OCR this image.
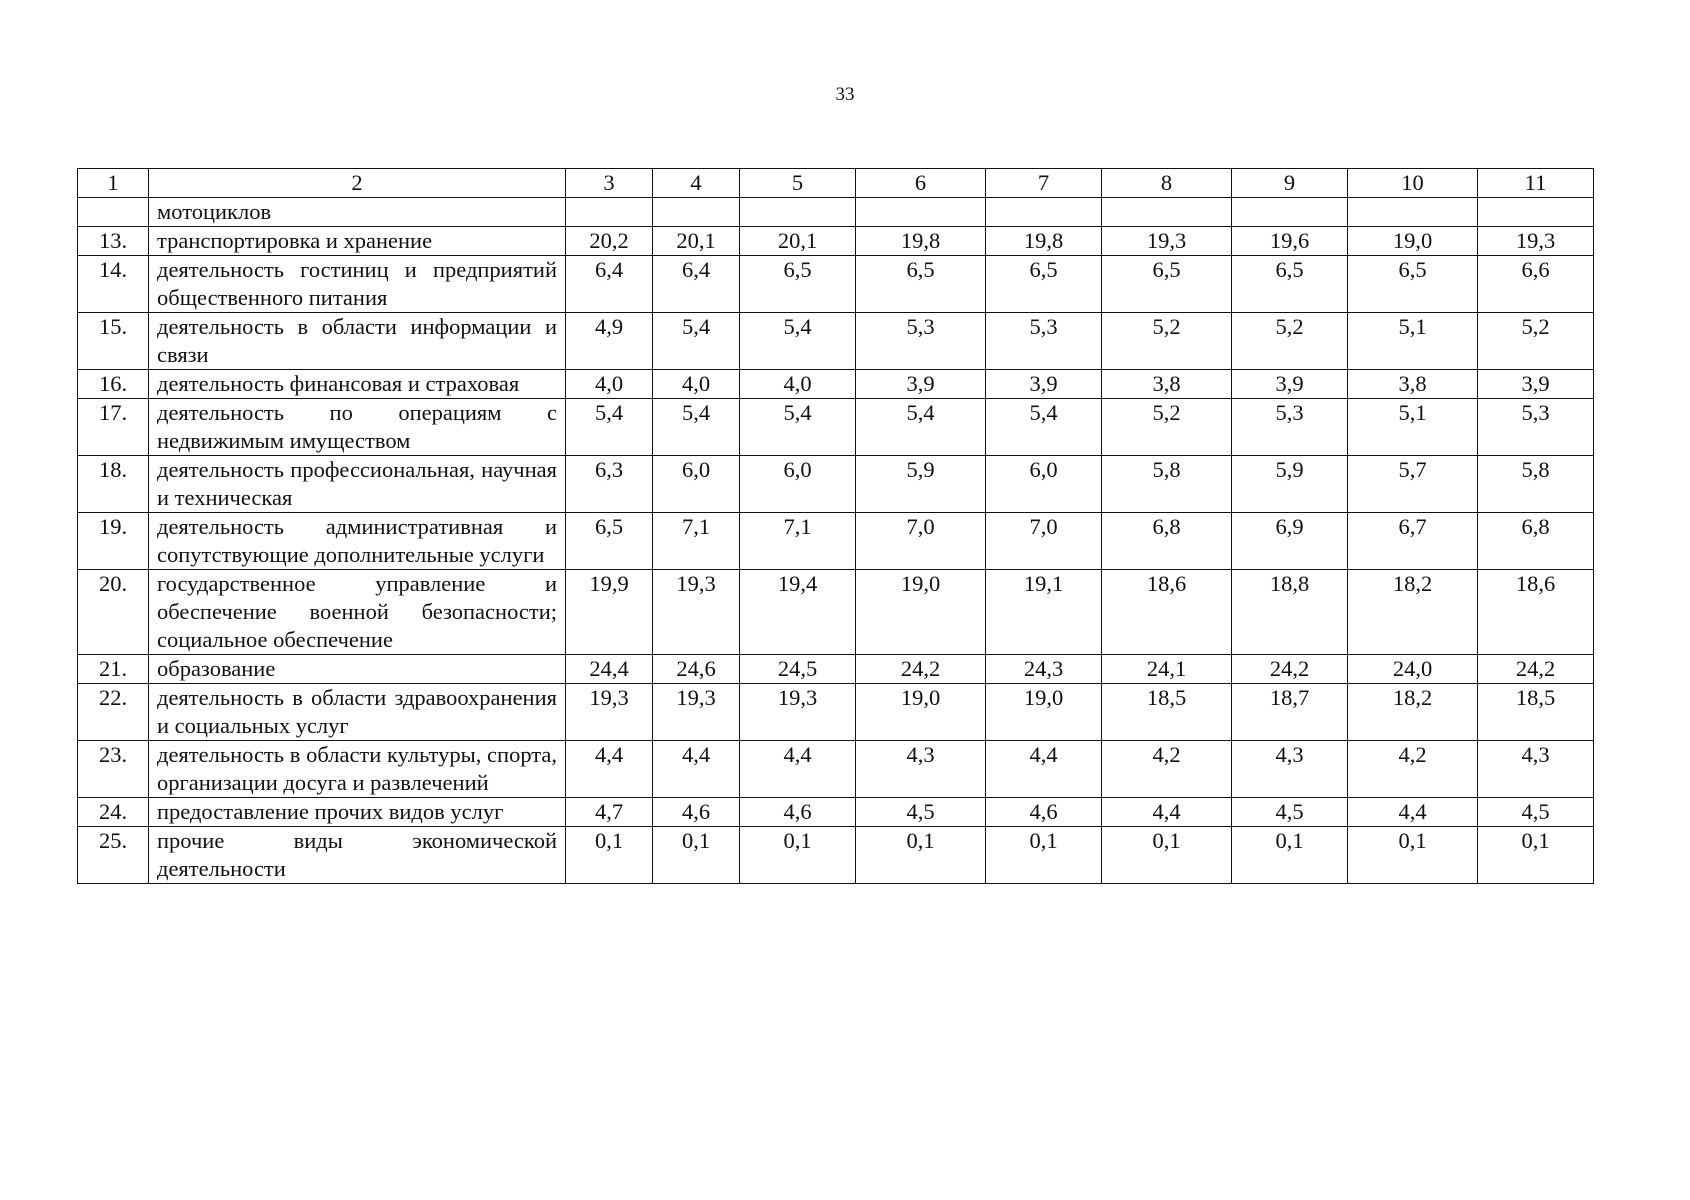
33
1	2	3	4	5	6	7	8	9	10	11
	мотоциклов									
13.	транспортировка и хранение	20,2	20,1	20,1	19,8	19,8	19,3	19,6	19,0	19,3
14.	деятельность гостиниц и предприятий общественного питания	6,4	6,4	6,5	6,5	6,5	6,5	6,5	6,5	6,6
15.	деятельность в области информации и связи	4,9	5,4	5,4	5,3	5,3	5,2	5,2	5,1	5,2
16.	деятельность финансовая и страховая	4,0	4,0	4,0	3,9	3,9	3,8	3,9	3,8	3,9
17.	деятельность по операциям с недвижимым имуществом	5,4	5,4	5,4	5,4	5,4	5,2	5,3	5,1	5,3
18.	деятельность профессиональная, научная и техническая	6,3	6,0	6,0	5,9	6,0	5,8	5,9	5,7	5,8
19.	деятельность административная и сопутствующие дополнительные услуги	6,5	7,1	7,1	7,0	7,0	6,8	6,9	6,7	6,8
20.	государственное управление и обеспечение военной безопасности; социальное обеспечение	19,9	19,3	19,4	19,0	19,1	18,6	18,8	18,2	18,6
21.	образование	24,4	24,6	24,5	24,2	24,3	24,1	24,2	24,0	24,2
22.	деятельность в области здравоохранения и социальных услуг	19,3	19,3	19,3	19,0	19,0	18,5	18,7	18,2	18,5
23.	деятельность в области культуры, спорта, организации досуга и развлечений	4,4	4,4	4,4	4,3	4,4	4,2	4,3	4,2	4,3
24.	предоставление прочих видов услуг	4,7	4,6	4,6	4,5	4,6	4,4	4,5	4,4	4,5
25.	прочие виды экономической деятельности	0,1	0,1	0,1	0,1	0,1	0,1	0,1	0,1	0,1
